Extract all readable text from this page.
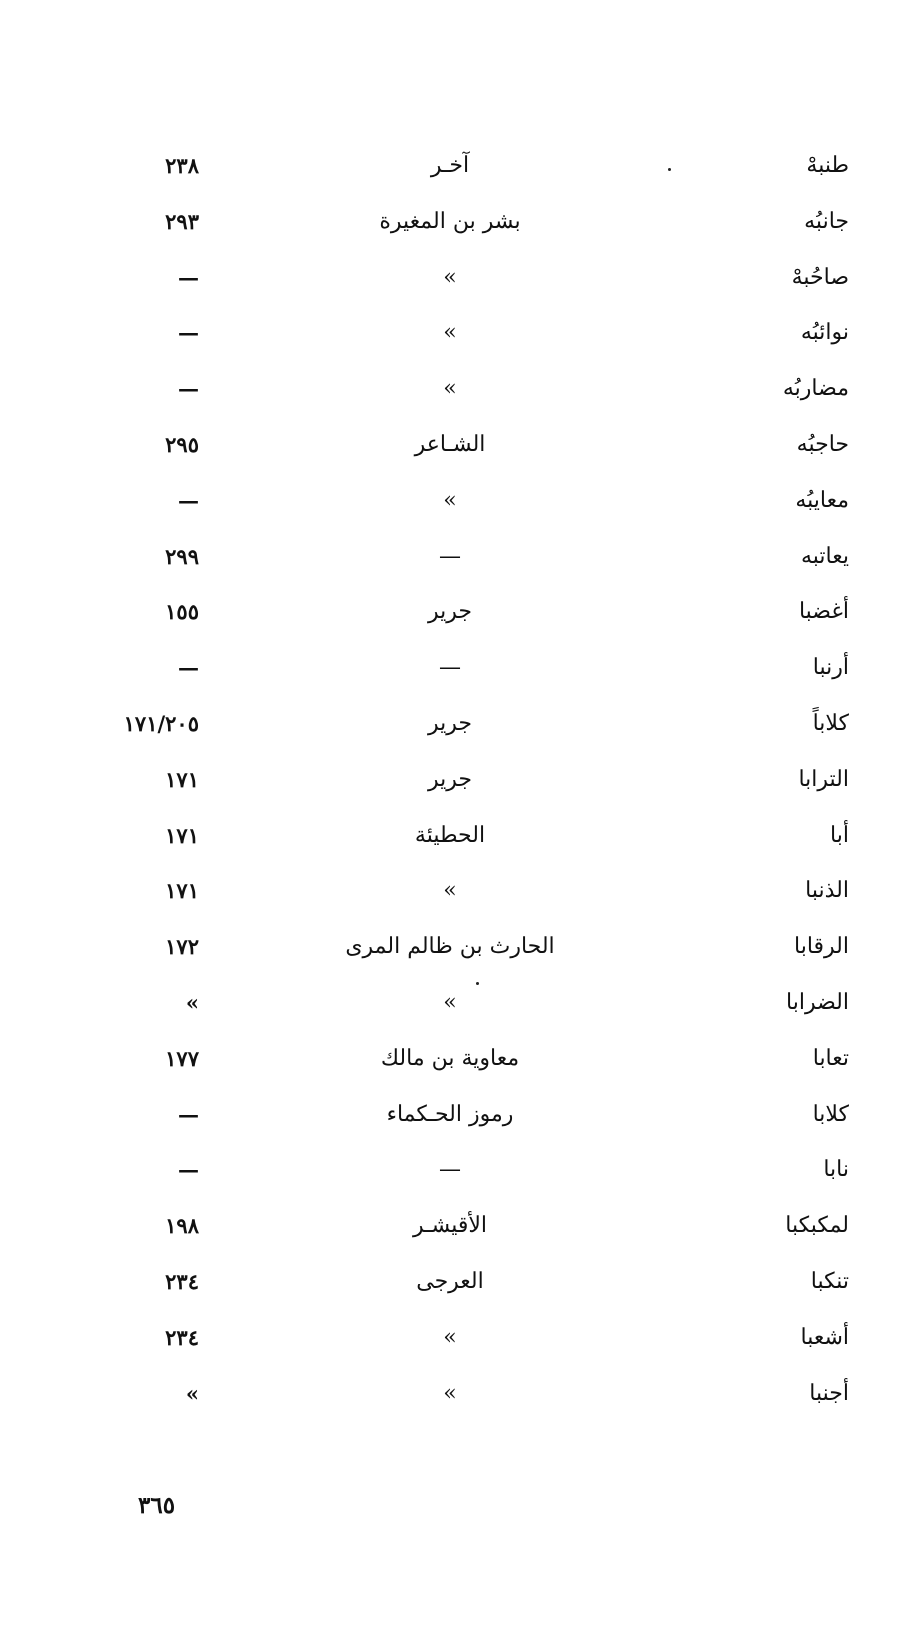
طنبهْ
آخـر
٢٣٨
جانبُه
بشر بن المغيرة
٢٩٣
صاحُبهْ
»
—
نوائبُه
»
—
مضاربُه
»
—
حاجبُه
الشـاعر
٢٩٥
معايبُه
»
—
يعاتبه
—
٢٩٩
أغضبا
جرير
١٥٥
أرنبا
—
—
كلاباً
جرير
١٧١/٢٠٥
الترابا
جرير
١٧١
أبا
الحطيئة
١٧١
الذنبا
»
١٧١
الرقابا
الحارث بن ظالم المرى
١٧٢
الضرابا
»
»
تعابا
معاوية بن مالك
١٧٧
كلابا
رموز الحـكماء
—
نابا
—
—
لمكبكبا
الأقيشـر
١٩٨
تنكبا
العرجى
٢٣٤
أشعبا
»
٢٣٤
أجنبا
»
»
٣٦٥
